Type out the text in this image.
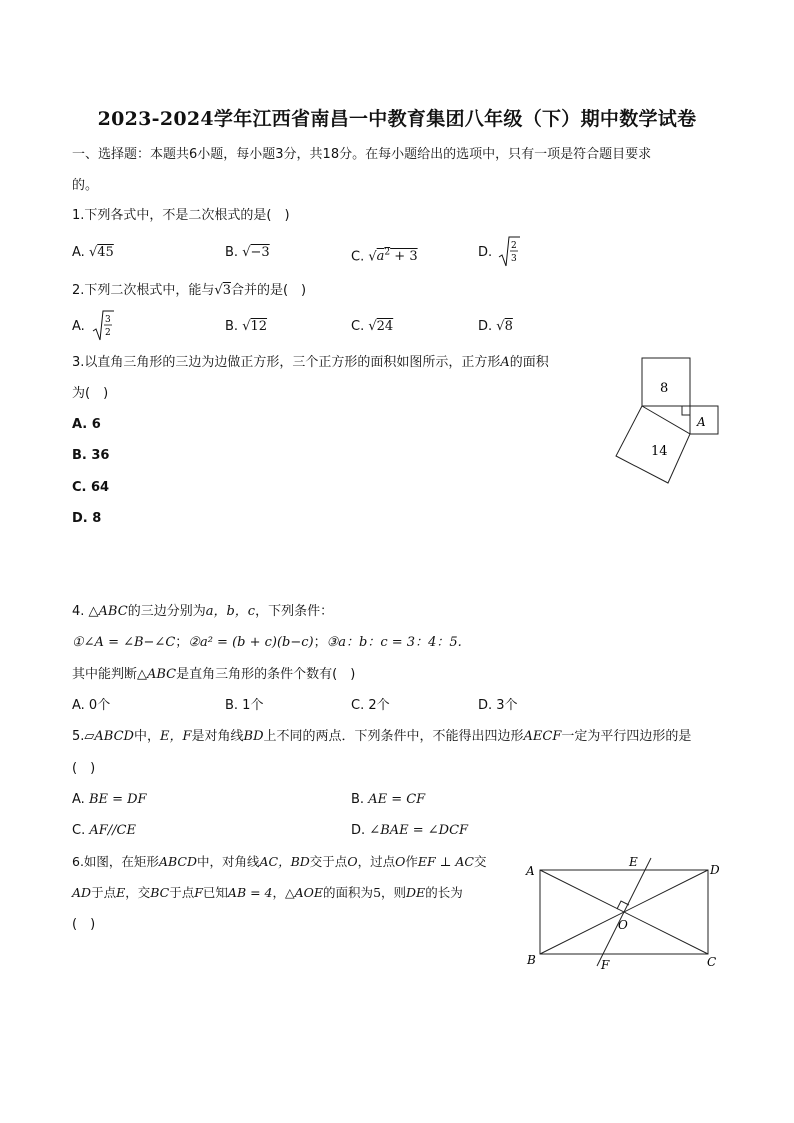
2023-2024学年江西省南昌一中教育集团八年级（下）期中数学试卷
一、选择题：本题共6小题，每小题3分，共18分。在每小题给出的选项中，只有一项是符合题目要求
的。
1.下列各式中，不是二次根式的是(　)
A. √45	B. √−3	C. $√a^2 + 3$	D. 2
3
2.下列二次根式中，能与√3合并的是(　)
A. 3
2	B. √12	C. √24	D. √8
3.以直角三角形的三边为边做正方形，三个正方形的面积如图所示，正方形A的面积
为(　)
A. 6
B. 36
C. 64
D. 8
8
14
A
4. △ABC的三边分别为a，b，c，下列条件：
①∠A = ∠B−∠C；②a² = (b + c)(b−c)；③a：b：c = 3：4：5.
其中能判断△ABC是直角三角形的条件个数有(　)
A. 0个	B. 1个	C. 2个	D. 3个
5.▱ABCD中，E，F是对角线BD上不同的两点．下列条件中，不能得出四边形AECF一定为平行四边形的是
(　)
A. BE = DF	B. AE = CF
C. AF//CE	D. ∠BAE = ∠DCF
6.如图，在矩形ABCD中，对角线AC，BD交于点O，过点O作EF ⊥ AC交
AD于点E，交BC于点F已知AB = 4，△AOE的面积为5，则DE的长为
(　)
A
B	C
D
E
F
O
